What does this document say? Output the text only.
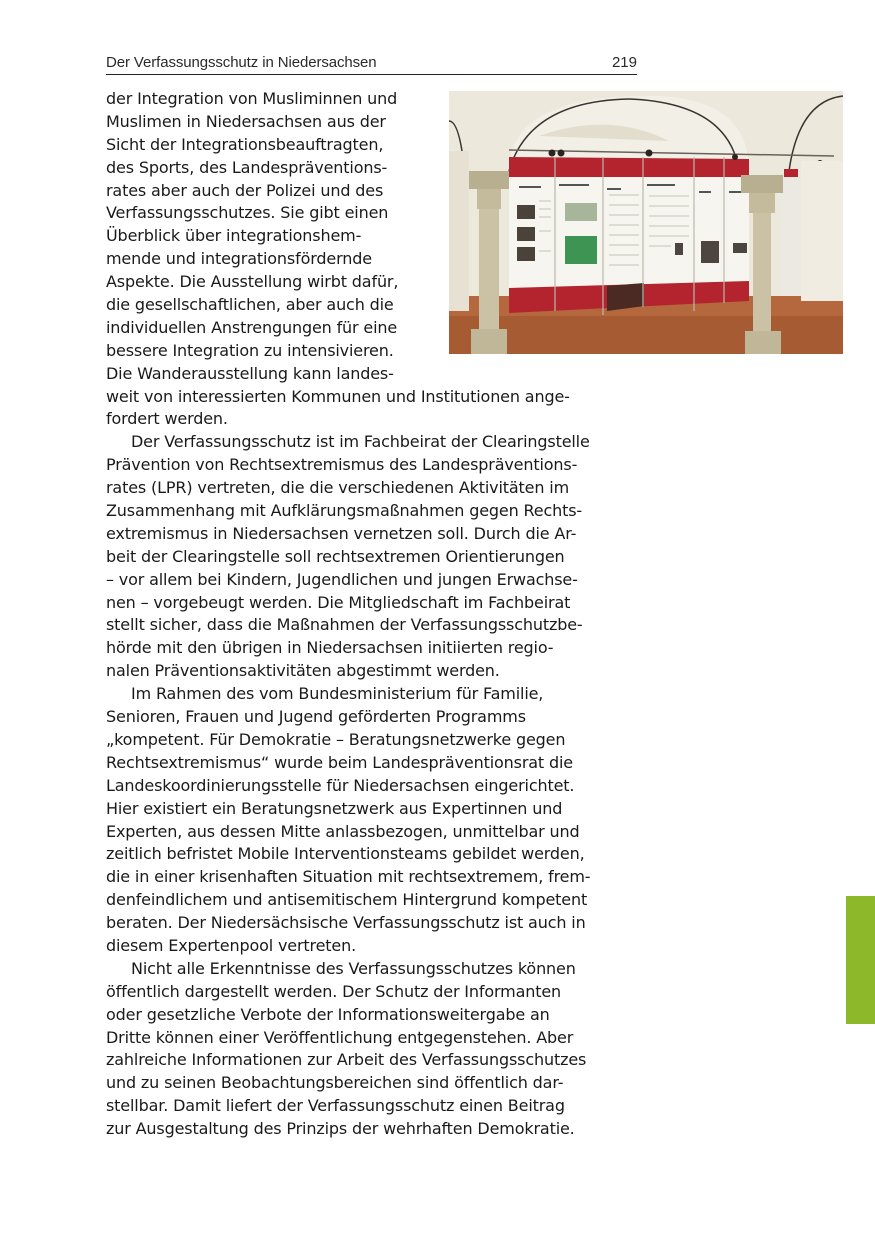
Der Verfassungsschutz in Niedersachsen	219
der Integration von Musliminnen und
Muslimen in Niedersachsen aus der
Sicht der Integrationsbeauftragten,
des Sports, des Landespräventions-
rates aber auch der Polizei und des
Verfassungsschutzes. Sie gibt einen
Überblick über integrationshem-
mende und integrationsfördernde
Aspekte. Die Ausstellung wirbt dafür,
die gesellschaftlichen, aber auch die
individuellen Anstrengungen für eine
bessere Integration zu intensivieren.
Die Wanderausstellung kann landes-
weit von interessierten Kommunen und Institutionen ange-
fordert werden.
Der Verfassungsschutz ist im Fachbeirat der Clearingstelle
Prävention von Rechtsextremismus des Landespräventions-
rates (LPR) vertreten, die die verschiedenen Aktivitäten im
Zusammenhang mit Aufklärungsmaßnahmen gegen Rechts-
extremismus in Niedersachsen vernetzen soll. Durch die Ar-
beit der Clearingstelle soll rechtsextremen Orientierungen
– vor allem bei Kindern, Jugendlichen und jungen Erwachse-
nen – vorgebeugt werden. Die Mitgliedschaft im Fachbeirat
stellt sicher, dass die Maßnahmen der Verfassungsschutzbe-
hörde mit den übrigen in Niedersachsen initiierten regio-
nalen Präventionsaktivitäten abgestimmt werden.
Im Rahmen des vom Bundesministerium für Familie,
Senioren, Frauen und Jugend geförderten Programms
„kompetent. Für Demokratie – Beratungsnetzwerke gegen
Rechtsextremismus“ wurde beim Landespräventionsrat die
Landeskoordinierungsstelle für Niedersachsen eingerichtet.
Hier existiert ein Beratungsnetzwerk aus Expertinnen und
Experten, aus dessen Mitte anlassbezogen, unmittelbar und
zeitlich befristet Mobile Interventionsteams gebildet werden,
die in einer krisenhaften Situation mit rechtsextremem, frem-
denfeindlichem und antisemitischem Hintergrund kompetent
beraten. Der Niedersächsische Verfassungsschutz ist auch in
diesem Expertenpool vertreten.
Nicht alle Erkenntnisse des Verfassungsschutzes können
öffentlich dargestellt werden. Der Schutz der Informanten
oder gesetzliche Verbote der Informationsweitergabe an
Dritte können einer Veröffentlichung entgegenstehen. Aber
zahlreiche Informationen zur Arbeit des Verfassungsschutzes
und zu seinen Beobachtungsbereichen sind öffentlich dar-
stellbar. Damit liefert der Verfassungsschutz einen Beitrag
zur Ausgestaltung des Prinzips der wehrhaften Demokratie.
